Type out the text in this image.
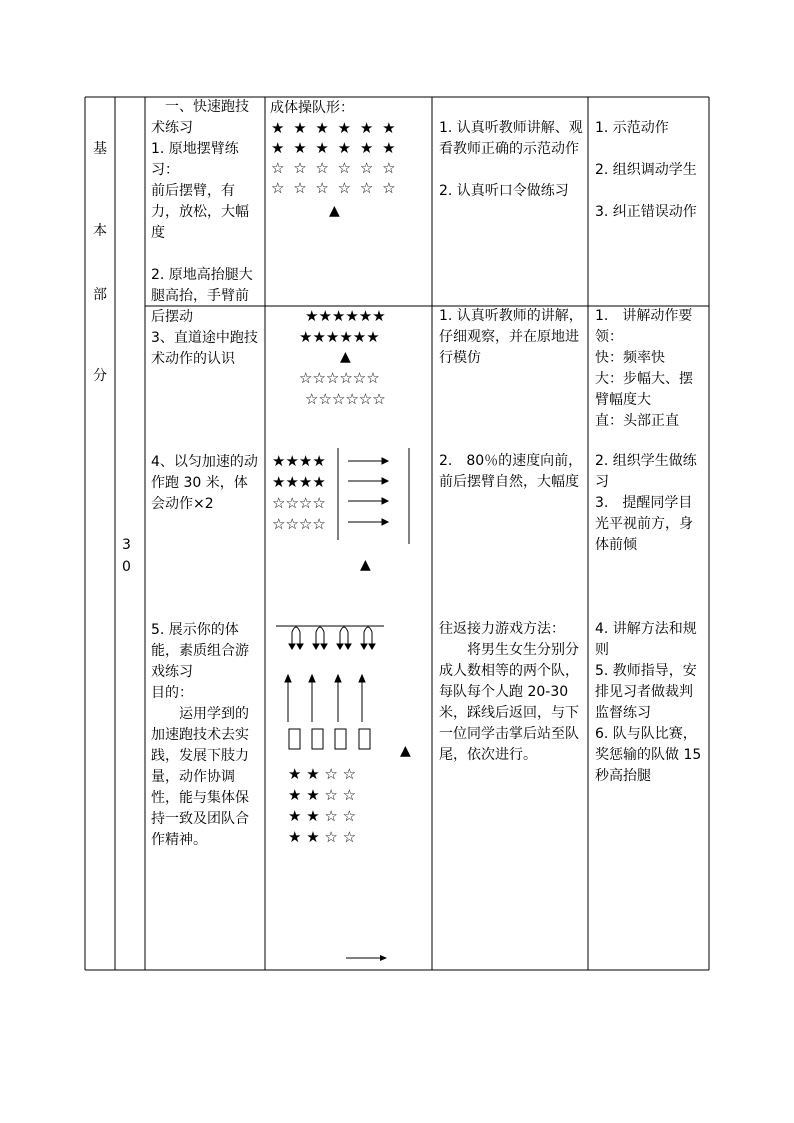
基
本
部
分
3
0
　一、快速跑技术练习
1. 原地摆臂练习：
前后摆臂，有力，放松，大幅度

2. 原地高抬腿大腿高抬，手臂前后摆动
3、直道途中跑技术动作的认识
4、以匀加速的动作跑 30 米，体会动作×2
5. 展示你的体能，素质组合游戏练习
目的：
　　运用学到的加速跑技术去实践，发展下肢力量，动作协调性，能与集体保持一致及团队合作精神。
成体操队形：
★ ★ ★ ★ ★ ★
★ ★ ★ ★ ★ ★
☆ ☆ ☆ ☆ ☆ ☆
☆ ☆ ☆ ☆ ☆ ☆
▲
★★★★★★
★★★★★★
▲
☆☆☆☆☆☆
☆☆☆☆☆☆
★★★★
★★★★
☆☆☆☆
☆☆☆☆
▲
▲
★ ★ ☆ ☆
★ ★ ☆ ☆
★ ★ ☆ ☆
★ ★ ☆ ☆
1. 认真听教师讲解、观看教师正确的示范动作

2. 认真听口令做练习
1. 认真听教师的讲解，仔细观察，并在原地进行模仿
2.　80％的速度向前，前后摆臂自然，大幅度
往返接力游戏方法：
　　将男生女生分别分成人数相等的两个队，每队每个人跑 20-30 米，踩线后返回，与下一位同学击掌后站至队尾，依次进行。
1. 示范动作

2. 组织调动学生

3. 纠正错误动作
1.　讲解动作要领：
快：频率快
大：步幅大、摆臂幅度大
直：头部正直
2. 组织学生做练习
3.　提醒同学目光平视前方，身体前倾
4. 讲解方法和规则
5. 教师指导，安排见习者做裁判监督练习
6. 队与队比赛，奖惩输的队做 15 秒高抬腿
